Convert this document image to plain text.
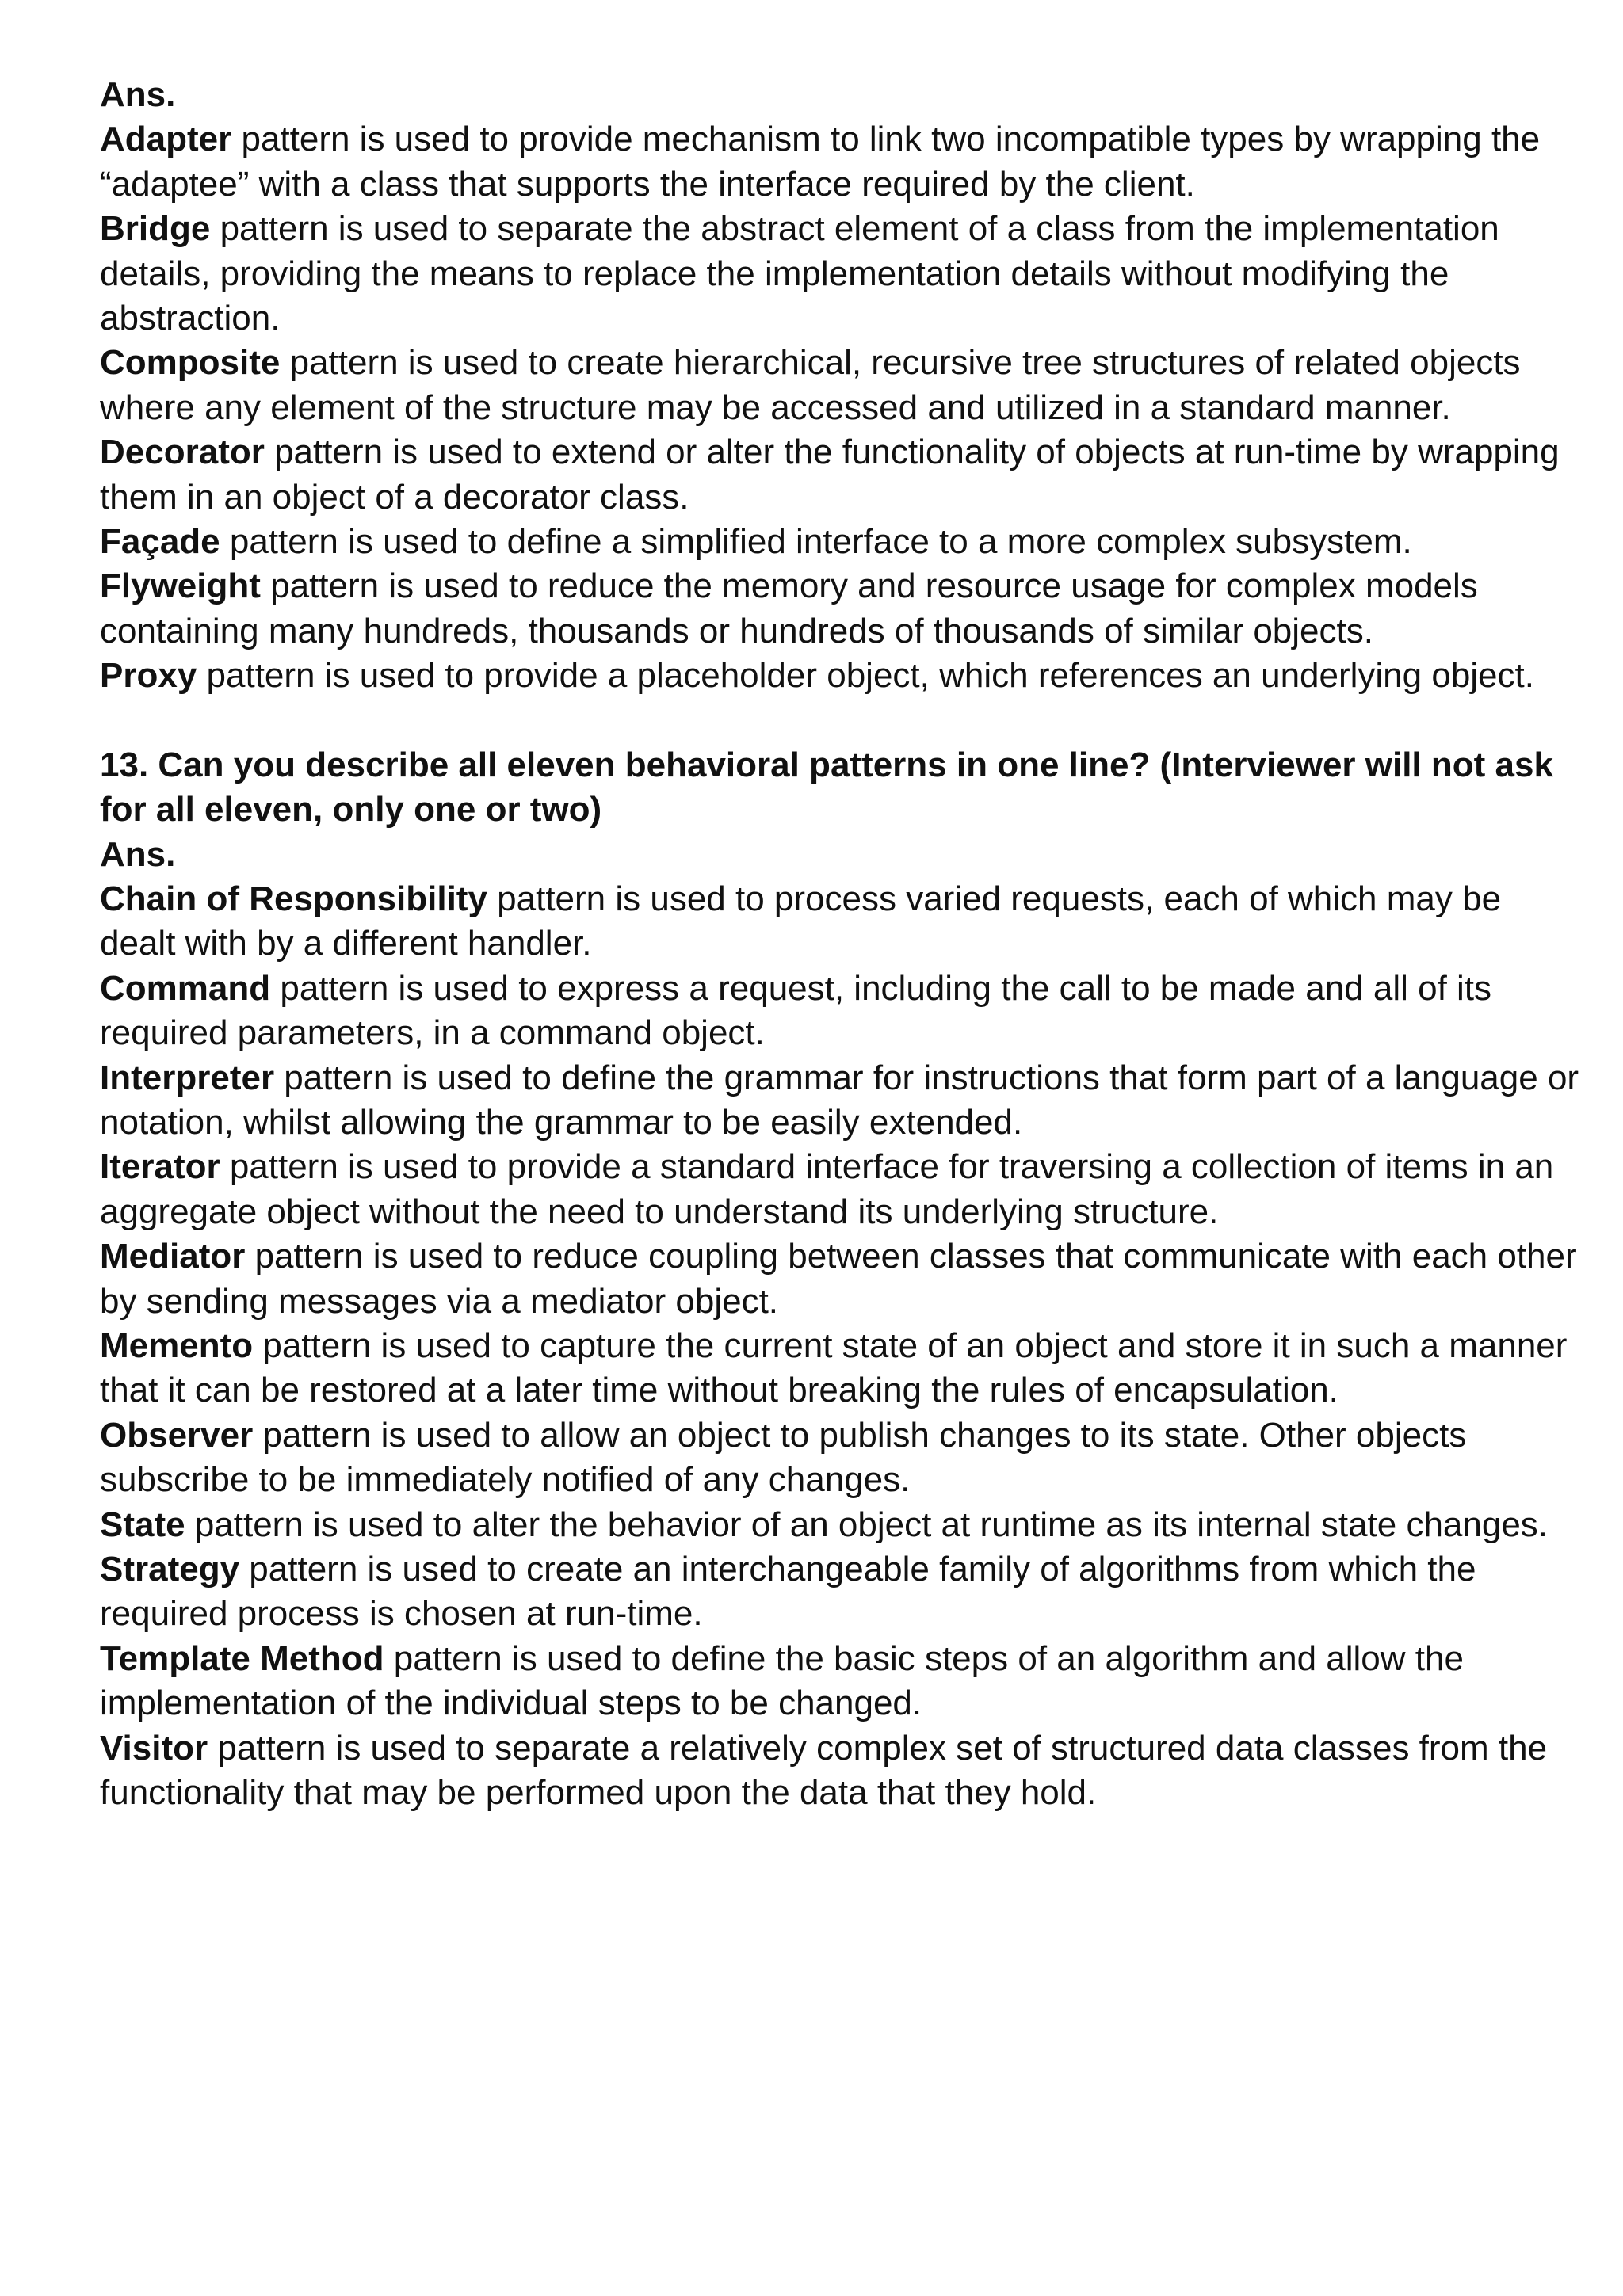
Ans.

Adapter pattern is used to provide mechanism to link two incompatible types by wrapping the “adaptee” with a class that supports the interface required by the client.

Bridge pattern is used to separate the abstract element of a class from the implementation details, providing the means to replace the implementation details without modifying the abstraction.

Composite pattern is used to create hierarchical, recursive tree structures of related objects where any element of the structure may be accessed and utilized in a standard manner.

Decorator pattern is used to extend or alter the functionality of objects at run-time by wrapping them in an object of a decorator class.

Façade pattern is used to define a simplified interface to a more complex subsystem.

Flyweight pattern is used to reduce the memory and resource usage for complex models containing many hundreds, thousands or hundreds of thousands of similar objects.

Proxy pattern is used to provide a placeholder object, which references an underlying object.

13. Can you describe all eleven behavioral patterns in one line? (Interviewer will not ask for all eleven, only one or two)
Ans.

Chain of Responsibility pattern is used to process varied requests, each of which may be dealt with by a different handler.

Command pattern is used to express a request, including the call to be made and all of its required parameters, in a command object.

Interpreter pattern is used to define the grammar for instructions that form part of a language or notation, whilst allowing the grammar to be easily extended.

Iterator pattern is used to provide a standard interface for traversing a collection of items in an aggregate object without the need to understand its underlying structure.

Mediator pattern is used to reduce coupling between classes that communicate with each other by sending messages via a mediator object.

Memento pattern is used to capture the current state of an object and store it in such a manner that it can be restored at a later time without breaking the rules of encapsulation.

Observer pattern is used to allow an object to publish changes to its state. Other objects subscribe to be immediately notified of any changes.

State pattern is used to alter the behavior of an object at runtime as its internal state changes.

Strategy pattern is used to create an interchangeable family of algorithms from which the required process is chosen at run-time.

Template Method pattern is used to define the basic steps of an algorithm and allow the implementation of the individual steps to be changed.

Visitor pattern is used to separate a relatively complex set of structured data classes from the functionality that may be performed upon the data that they hold.
